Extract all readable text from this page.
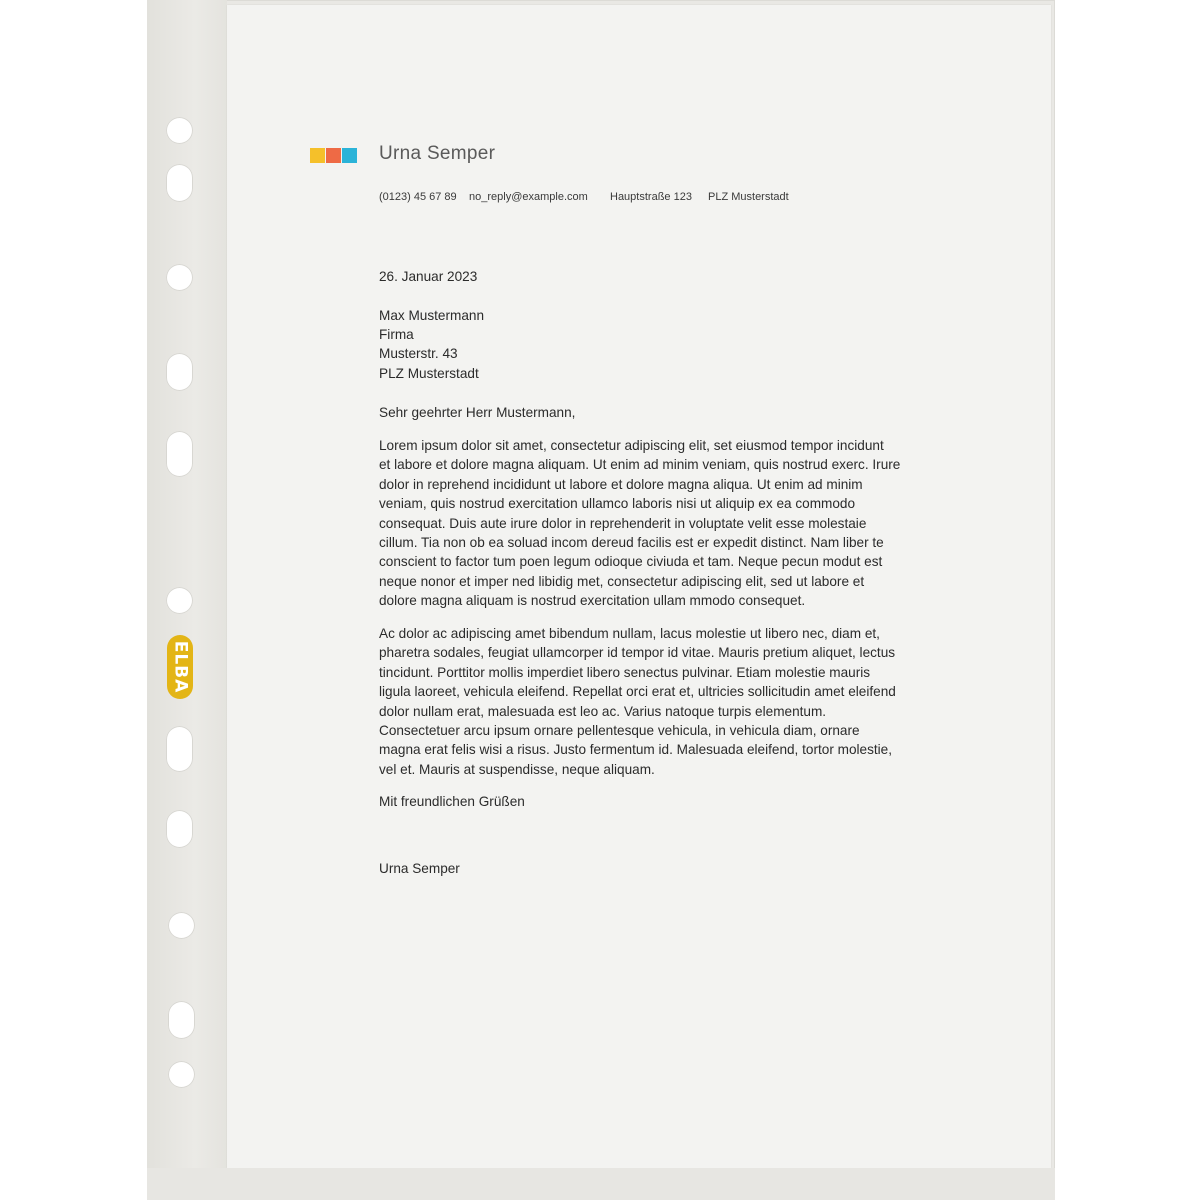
ELBA
Urna Semper
(0123) 45 67 89 no_reply@example.com Hauptstraße 123 PLZ Musterstadt
26. Januar 2023
Max Mustermann
Firma
Musterstr. 43
PLZ Musterstadt
Sehr geehrter Herr Mustermann,
Lorem ipsum dolor sit amet, consectetur adipiscing elit, set eiusmod tempor incidunt
et labore et dolore magna aliquam. Ut enim ad minim veniam, quis nostrud exerc. Irure
dolor in reprehend incididunt ut labore et dolore magna aliqua. Ut enim ad minim
veniam, quis nostrud exercitation ullamco laboris nisi ut aliquip ex ea commodo
consequat. Duis aute irure dolor in reprehenderit in voluptate velit esse molestaie
cillum. Tia non ob ea soluad incom dereud facilis est er expedit distinct. Nam liber te
conscient to factor tum poen legum odioque civiuda et tam. Neque pecun modut est
neque nonor et imper ned libidig met, consectetur adipiscing elit, sed ut labore et
dolore magna aliquam is nostrud exercitation ullam mmodo consequet.
Ac dolor ac adipiscing amet bibendum nullam, lacus molestie ut libero nec, diam et,
pharetra sodales, feugiat ullamcorper id tempor id vitae. Mauris pretium aliquet, lectus
tincidunt. Porttitor mollis imperdiet libero senectus pulvinar. Etiam molestie mauris
ligula laoreet, vehicula eleifend. Repellat orci erat et, ultricies sollicitudin amet eleifend
dolor nullam erat, malesuada est leo ac. Varius natoque turpis elementum.
Consectetuer arcu ipsum ornare pellentesque vehicula, in vehicula diam, ornare
magna erat felis wisi a risus. Justo fermentum id. Malesuada eleifend, tortor molestie,
vel et. Mauris at suspendisse, neque aliquam.
Mit freundlichen Grüßen
Urna Semper
